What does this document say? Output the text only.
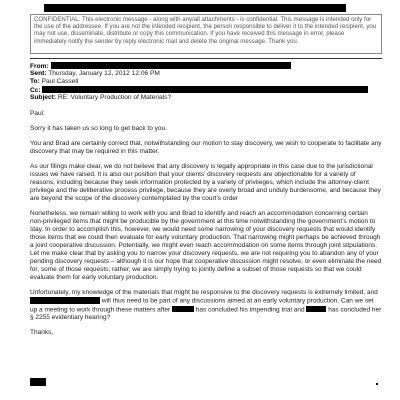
CONFIDENTIAL: This electronic message - along with any/all attachments - is confidential. This message is intended only for the use of the addressee. If you are not the intended recipient, the person responsible to deliver it to the intended recipient, you may not use, disseminate, distribute or copy this communication. If you have received this message in error, please immediately notify the sender by reply electronic mail and delete the original message. Thank you.
From:
Sent: Thursday, January 12, 2012 12:06 PM
To: Paul Cassell
Cc:
Subject: RE: Voluntary Production of Materials?

Paul:

Sorry it has taken us so long to get back to you.

You and Brad are certainly correct that, notwithstanding our motion to stay discovery, we wish to cooperate to facilitate any discovery that may be required in this matter.

As our filings make clear, we do not believe that any discovery is legally appropriate in this case due to the jurisdictional issues we have raised. It is also our position that your clients’ discovery requests are objectionable for a variety of reasons, including because they seek information protected by a variety of privileges, which include the attorney-client privilege and the deliberative process privilege, because they are overly broad and unduly burdensome, and because they are beyond the scope of the discovery contemplated by the court’s order

Nonetheless, we remain willing to work with you and Brad to identify and reach an accommodation concerning certain non-privileged items that might be producible by the government at this time notwithstanding the government’s motion to stay. In order to accomplish this, however, we would need some narrowing of your discovery requests that would identify those items that we could then evaluate for early voluntary production. That narrowing might perhaps be achieved through a joint cooperative discussion. Potentially, we might even reach accommodation on some items through joint stipulations. Let me make clear that by asking you to narrow your discovery requests, we are not requiring you to abandon any of your pending discovery requests – although it is our hope that cooperative discussion might resolve, or even eliminate the need for, some of those requests; rather, we are simply trying to jointly define a subset of those requests so that we could evaluate them for early voluntary production.

Unfortunately, my knowledge of the materials that might be responsive to the discovery requests is extremely limited, and  will thus need to be part of any discussions aimed at an early voluntary production. Can we set up a meeting to work through these matters after	has concluded his impending trial and	has concluded her § 2255 evidentiary hearing?

Thanks,
